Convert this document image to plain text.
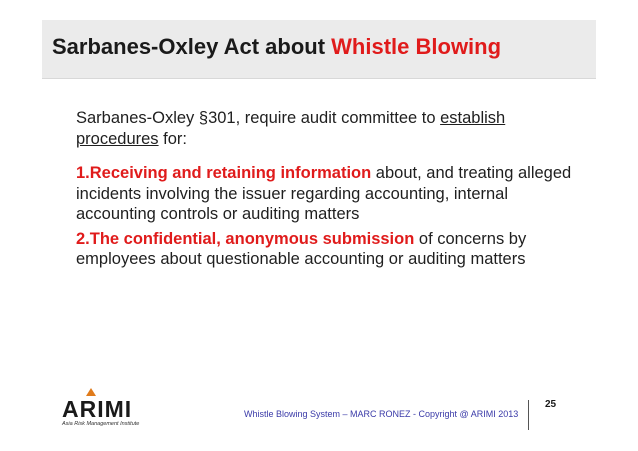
Sarbanes-Oxley Act about Whistle Blowing

Sarbanes-Oxley §301, require audit committee to establish procedures for:

1.Receiving and retaining information about, and treating alleged incidents involving the issuer regarding accounting, internal accounting controls or auditing matters

2.The confidential, anonymous submission of concerns by employees about questionable accounting or auditing matters

ARIMI
Asia Risk Management Institute
Whistle Blowing System – MARC RONEZ - Copyright @ ARIMI 2013
25
